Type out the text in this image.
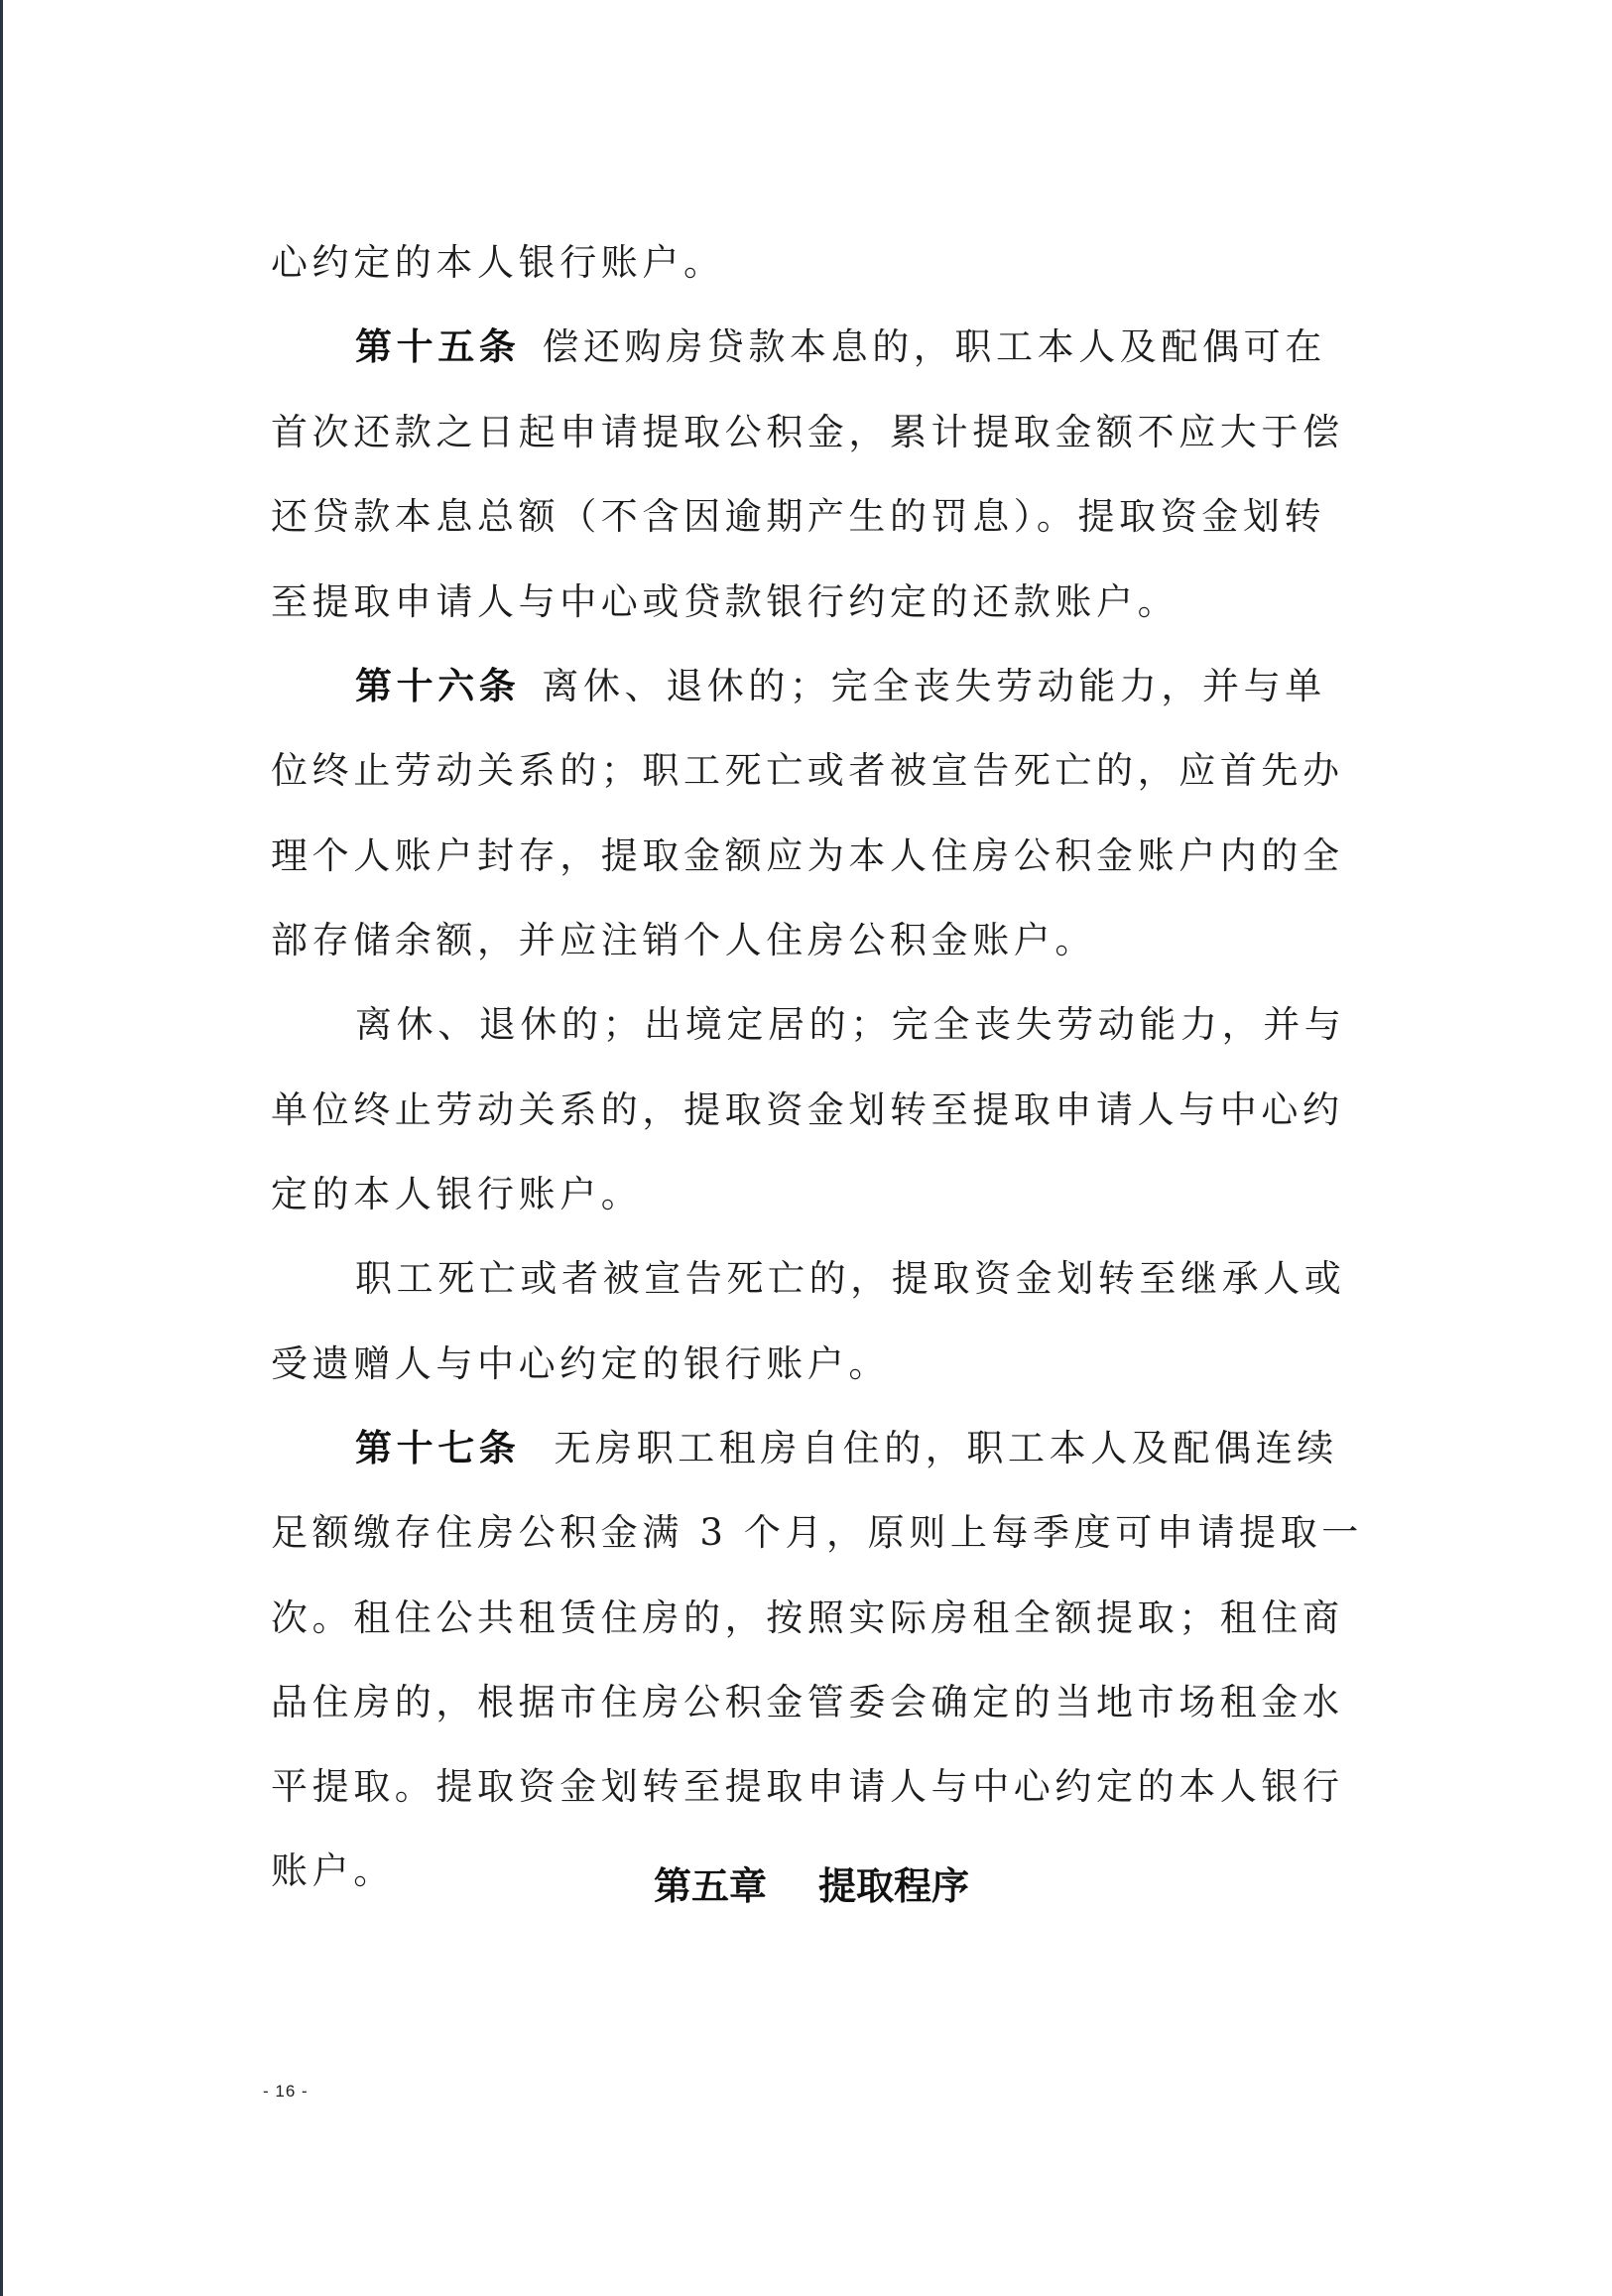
心约定的本人银行账户。
第十五条 偿还购房贷款本息的，职工本人及配偶可在
首次还款之日起申请提取公积金，累计提取金额不应大于偿
还贷款本息总额（不含因逾期产生的罚息）。提取资金划转
至提取申请人与中心或贷款银行约定的还款账户。
第十六条 离休、退休的；完全丧失劳动能力，并与单
位终止劳动关系的；职工死亡或者被宣告死亡的，应首先办
理个人账户封存，提取金额应为本人住房公积金账户内的全
部存储余额，并应注销个人住房公积金账户。
离休、退休的；出境定居的；完全丧失劳动能力，并与
单位终止劳动关系的，提取资金划转至提取申请人与中心约
定的本人银行账户。
职工死亡或者被宣告死亡的，提取资金划转至继承人或
受遗赠人与中心约定的银行账户。
第十七条 无房职工租房自住的，职工本人及配偶连续
足额缴存住房公积金满 3 个月，原则上每季度可申请提取一
次。租住公共租赁住房的，按照实际房租全额提取；租住商
品住房的，根据市住房公积金管委会确定的当地市场租金水
平提取。提取资金划转至提取申请人与中心约定的本人银行
账户。	第五章 提取程序
- 16 -
